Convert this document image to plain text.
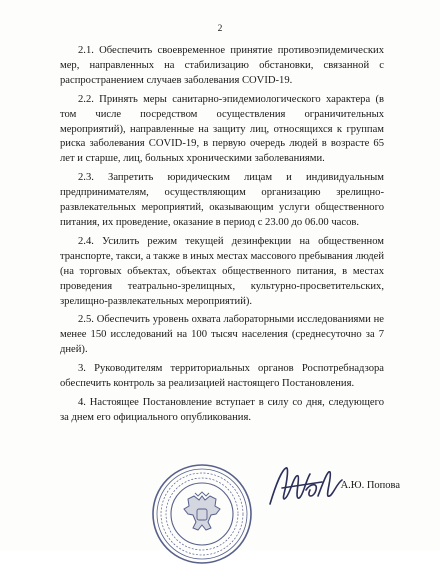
2

2.1. Обеспечить своевременное принятие противоэпидемических мер, направленных на стабилизацию обстановки, связанной с распространением случаев заболевания COVID-19.

2.2. Принять меры санитарно-эпидемиологического характера (в том числе посредством осуществления ограничительных мероприятий), направленные на защиту лиц, относящихся к группам риска заболевания COVID-19, в первую очередь людей в возрасте 65 лет и старше, лиц, больных хроническими заболеваниями.

2.3. Запретить юридическим лицам и индивидуальным предпринимателям, осуществляющим организацию зрелищно-развлекательных мероприятий, оказывающим услуги общественного питания, их проведение, оказание в период с 23.00 до 06.00 часов.

2.4. Усилить режим текущей дезинфекции на общественном транспорте, такси, а также в иных местах массового пребывания людей (на торговых объектах, объектах общественного питания, в местах проведения театрально-зрелищных, культурно-просветительских, зрелищно-развлекательных мероприятий).

2.5. Обеспечить уровень охвата лабораторными исследованиями не менее 150 исследований на 100 тысяч населения (среднесуточно за 7 дней).

3. Руководителям территориальных органов Роспотребнадзора обеспечить контроль за реализацией настоящего Постановления.

4. Настоящее Постановление вступает в силу со дня, следующего за днем его официального опубликования.

А.Ю. Попова
